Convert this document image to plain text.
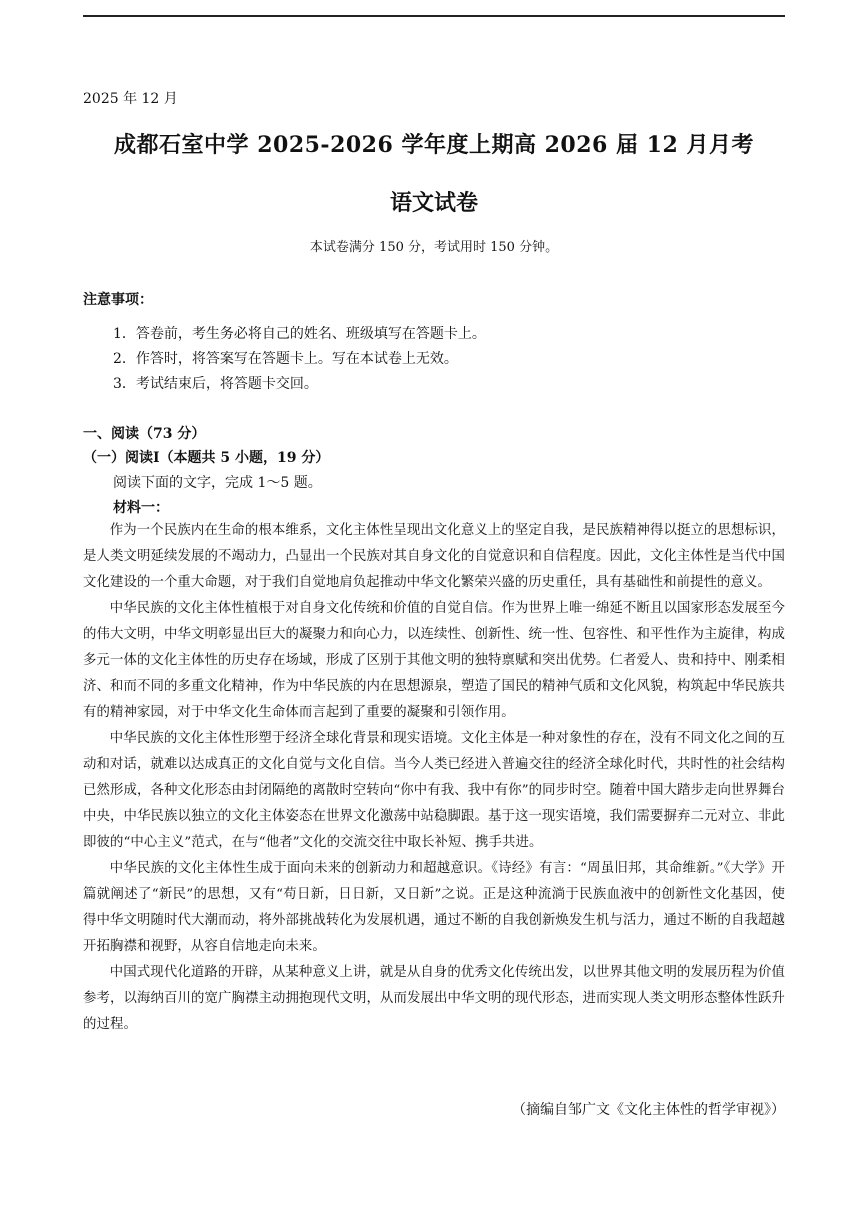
2025 年 12 月
成都石室中学 2025-2026 学年度上期高 2026 届 12 月月考
语文试卷
本试卷满分 150 分，考试用时 150 分钟。
注意事项：
1．答卷前，考生务必将自己的姓名、班级填写在答题卡上。
2．作答时，将答案写在答题卡上。写在本试卷上无效。
3．考试结束后，将答题卡交回。
一、阅读（73 分）
（一）阅读Ⅰ（本题共 5 小题，19 分）
阅读下面的文字，完成 1～5 题。
材料一：

作为一个民族内在生命的根本维系，文化主体性呈现出文化意义上的坚定自我，是民族精神得以挺立的思想标识，是人类文明延续发展的不竭动力，凸显出一个民族对其自身文化的自觉意识和自信程度。因此，文化主体性是当代中国文化建设的一个重大命题，对于我们自觉地肩负起推动中华文化繁荣兴盛的历史重任，具有基础性和前提性的意义。

中华民族的文化主体性植根于对自身文化传统和价值的自觉自信。作为世界上唯一绵延不断且以国家形态发展至今的伟大文明，中华文明彰显出巨大的凝聚力和向心力，以连续性、创新性、统一性、包容性、和平性作为主旋律，构成多元一体的文化主体性的历史存在场域，形成了区别于其他文明的独特禀赋和突出优势。仁者爱人、贵和持中、刚柔相济、和而不同的多重文化精神，作为中华民族的内在思想源泉，塑造了国民的精神气质和文化风貌，构筑起中华民族共有的精神家园，对于中华文化生命体而言起到了重要的凝聚和引领作用。

中华民族的文化主体性形塑于经济全球化背景和现实语境。文化主体是一种对象性的存在，没有不同文化之间的互动和对话，就难以达成真正的文化自觉与文化自信。当今人类已经进入普遍交往的经济全球化时代，共时性的社会结构已然形成，各种文化形态由封闭隔绝的离散时空转向“你中有我、我中有你”的同步时空。随着中国大踏步走向世界舞台中央，中华民族以独立的文化主体姿态在世界文化激荡中站稳脚跟。基于这一现实语境，我们需要摒弃二元对立、非此即彼的“中心主义”范式，在与“他者”文化的交流交往中取长补短、携手共进。

中华民族的文化主体性生成于面向未来的创新动力和超越意识。《诗经》有言：“周虽旧邦，其命维新。”《大学》开篇就阐述了“新民”的思想，又有“苟日新，日日新，又日新”之说。正是这种流淌于民族血液中的创新性文化基因，使得中华文明随时代大潮而动，将外部挑战转化为发展机遇，通过不断的自我创新焕发生机与活力，通过不断的自我超越开拓胸襟和视野，从容自信地走向未来。

中国式现代化道路的开辟，从某种意义上讲，就是从自身的优秀文化传统出发，以世界其他文明的发展历程为价值参考，以海纳百川的宽广胸襟主动拥抱现代文明，从而发展出中华文明的现代形态，进而实现人类文明形态整体性跃升的过程。

（摘编自邹广文《文化主体性的哲学审视》）
